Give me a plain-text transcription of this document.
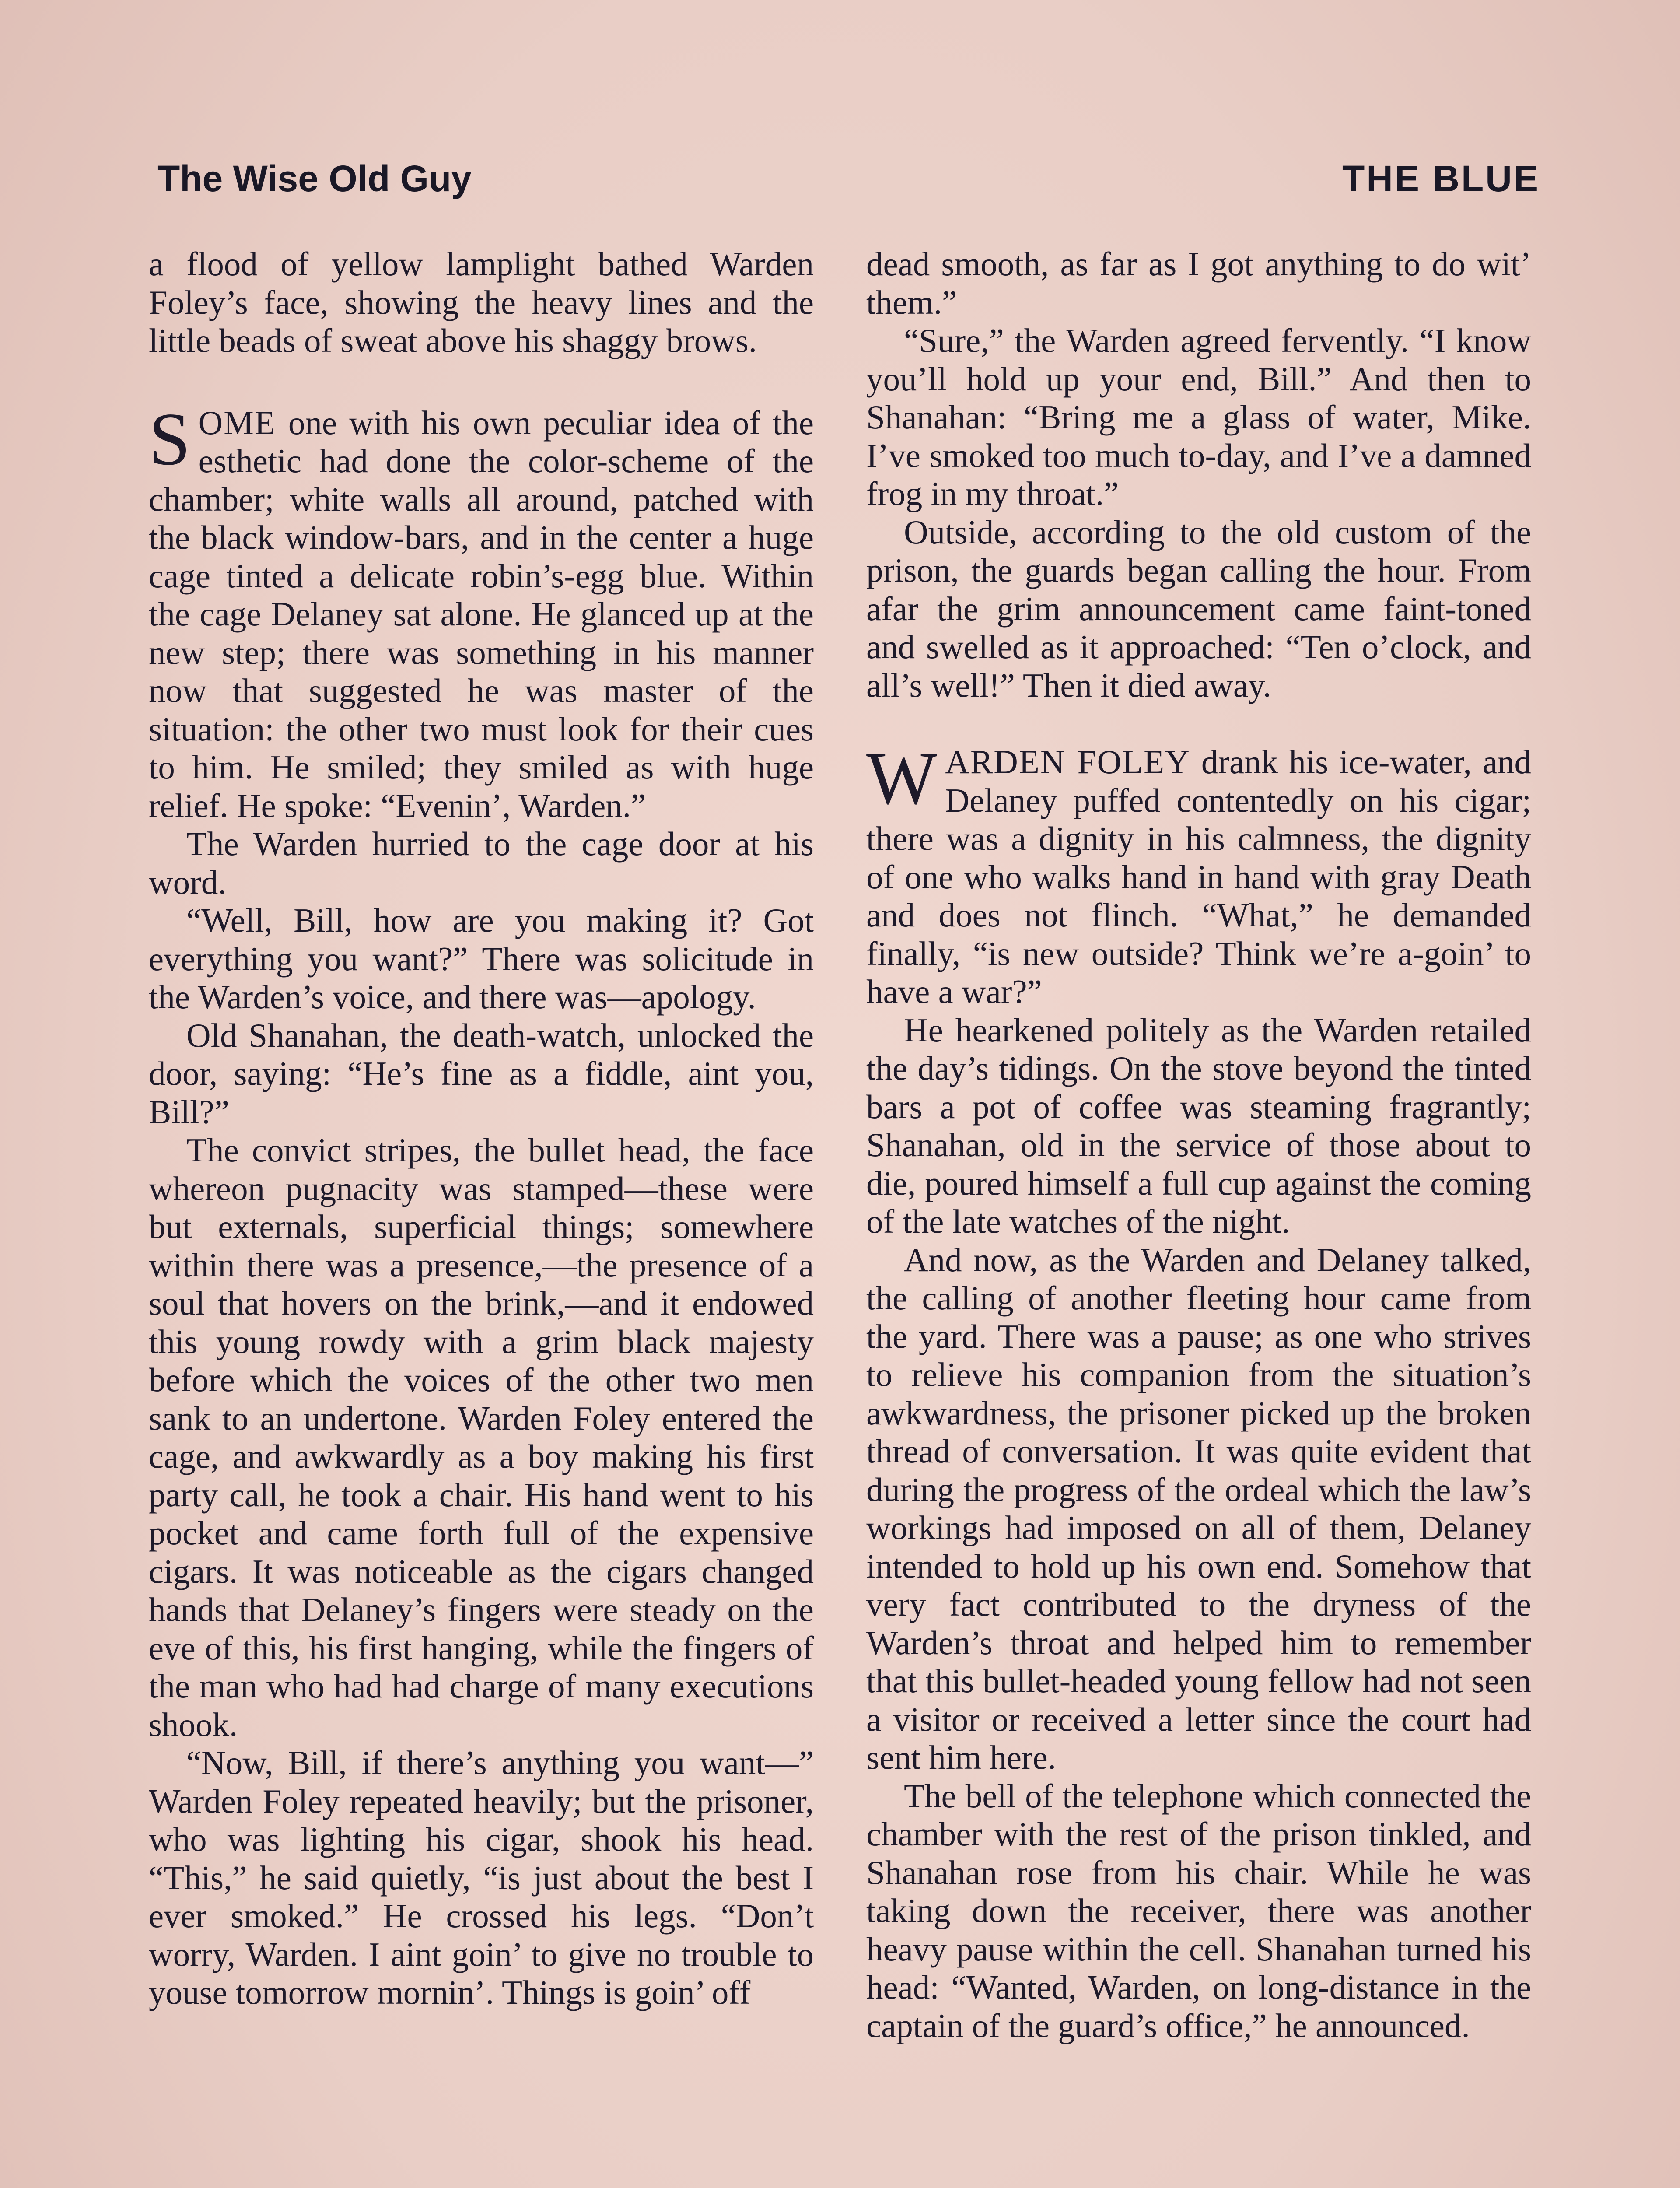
The Wise Old Guy	THE BLUE

a flood of yellow lamplight bathed Warden Foley’s face, showing the heavy lines and the little beads of sweat above his shaggy brows.

SOME one with his own peculiar idea of the esthetic had done the color-scheme of the chamber; white walls all around, patched with the black window-bars, and in the center a huge cage tinted a delicate robin’s-egg blue. Within the cage Delaney sat alone. He glanced up at the new step; there was something in his manner now that suggested he was master of the situation: the other two must look for their cues to him. He smiled; they smiled as with huge relief. He spoke: “Evenin’, Warden.”

The Warden hurried to the cage door at his word.

“Well, Bill, how are you making it? Got everything you want?” There was solicitude in the Warden’s voice, and there was—apology.

Old Shanahan, the death-watch, unlocked the door, saying: “He’s fine as a fiddle, aint you, Bill?”

The convict stripes, the bullet head, the face whereon pugnacity was stamped—these were but externals, superficial things; somewhere within there was a presence,—the presence of a soul that hovers on the brink,—and it endowed this young rowdy with a grim black majesty before which the voices of the other two men sank to an undertone. Warden Foley entered the cage, and awkwardly as a boy making his first party call, he took a chair. His hand went to his pocket and came forth full of the expensive cigars. It was noticeable as the cigars changed hands that Delaney’s fingers were steady on the eve of this, his first hanging, while the fingers of the man who had had charge of many executions shook.

“Now, Bill, if there’s anything you want—” Warden Foley repeated heavily; but the prisoner, who was lighting his cigar, shook his head. “This,” he said quietly, “is just about the best I ever smoked.” He crossed his legs. “Don’t worry, Warden. I aint goin’ to give no trouble to youse tomorrow mornin’. Things is goin’ off

dead smooth, as far as I got anything to do wit’ them.”

“Sure,” the Warden agreed fervently. “I know you’ll hold up your end, Bill.” And then to Shanahan: “Bring me a glass of water, Mike. I’ve smoked too much to-day, and I’ve a damned frog in my throat.”

Outside, according to the old custom of the prison, the guards began calling the hour. From afar the grim announcement came faint-toned and swelled as it approached: “Ten o’clock, and all’s well!” Then it died away.

WARDEN FOLEY drank his ice-water, and Delaney puffed contentedly on his cigar; there was a dignity in his calmness, the dignity of one who walks hand in hand with gray Death and does not flinch. “What,” he demanded finally, “is new outside? Think we’re a-goin’ to have a war?”

He hearkened politely as the Warden retailed the day’s tidings. On the stove beyond the tinted bars a pot of coffee was steaming fragrantly; Shanahan, old in the service of those about to die, poured himself a full cup against the coming of the late watches of the night.

And now, as the Warden and Delaney talked, the calling of another fleeting hour came from the yard. There was a pause; as one who strives to relieve his companion from the situation’s awkwardness, the prisoner picked up the broken thread of conversation. It was quite evident that during the progress of the ordeal which the law’s workings had imposed on all of them, Delaney intended to hold up his own end. Somehow that very fact contributed to the dryness of the Warden’s throat and helped him to remember that this bullet-headed young fellow had not seen a visitor or received a letter since the court had sent him here.

The bell of the telephone which connected the chamber with the rest of the prison tinkled, and Shanahan rose from his chair. While he was taking down the receiver, there was another heavy pause within the cell. Shanahan turned his head: “Wanted, Warden, on long-distance in the captain of the guard’s office,” he announced.
